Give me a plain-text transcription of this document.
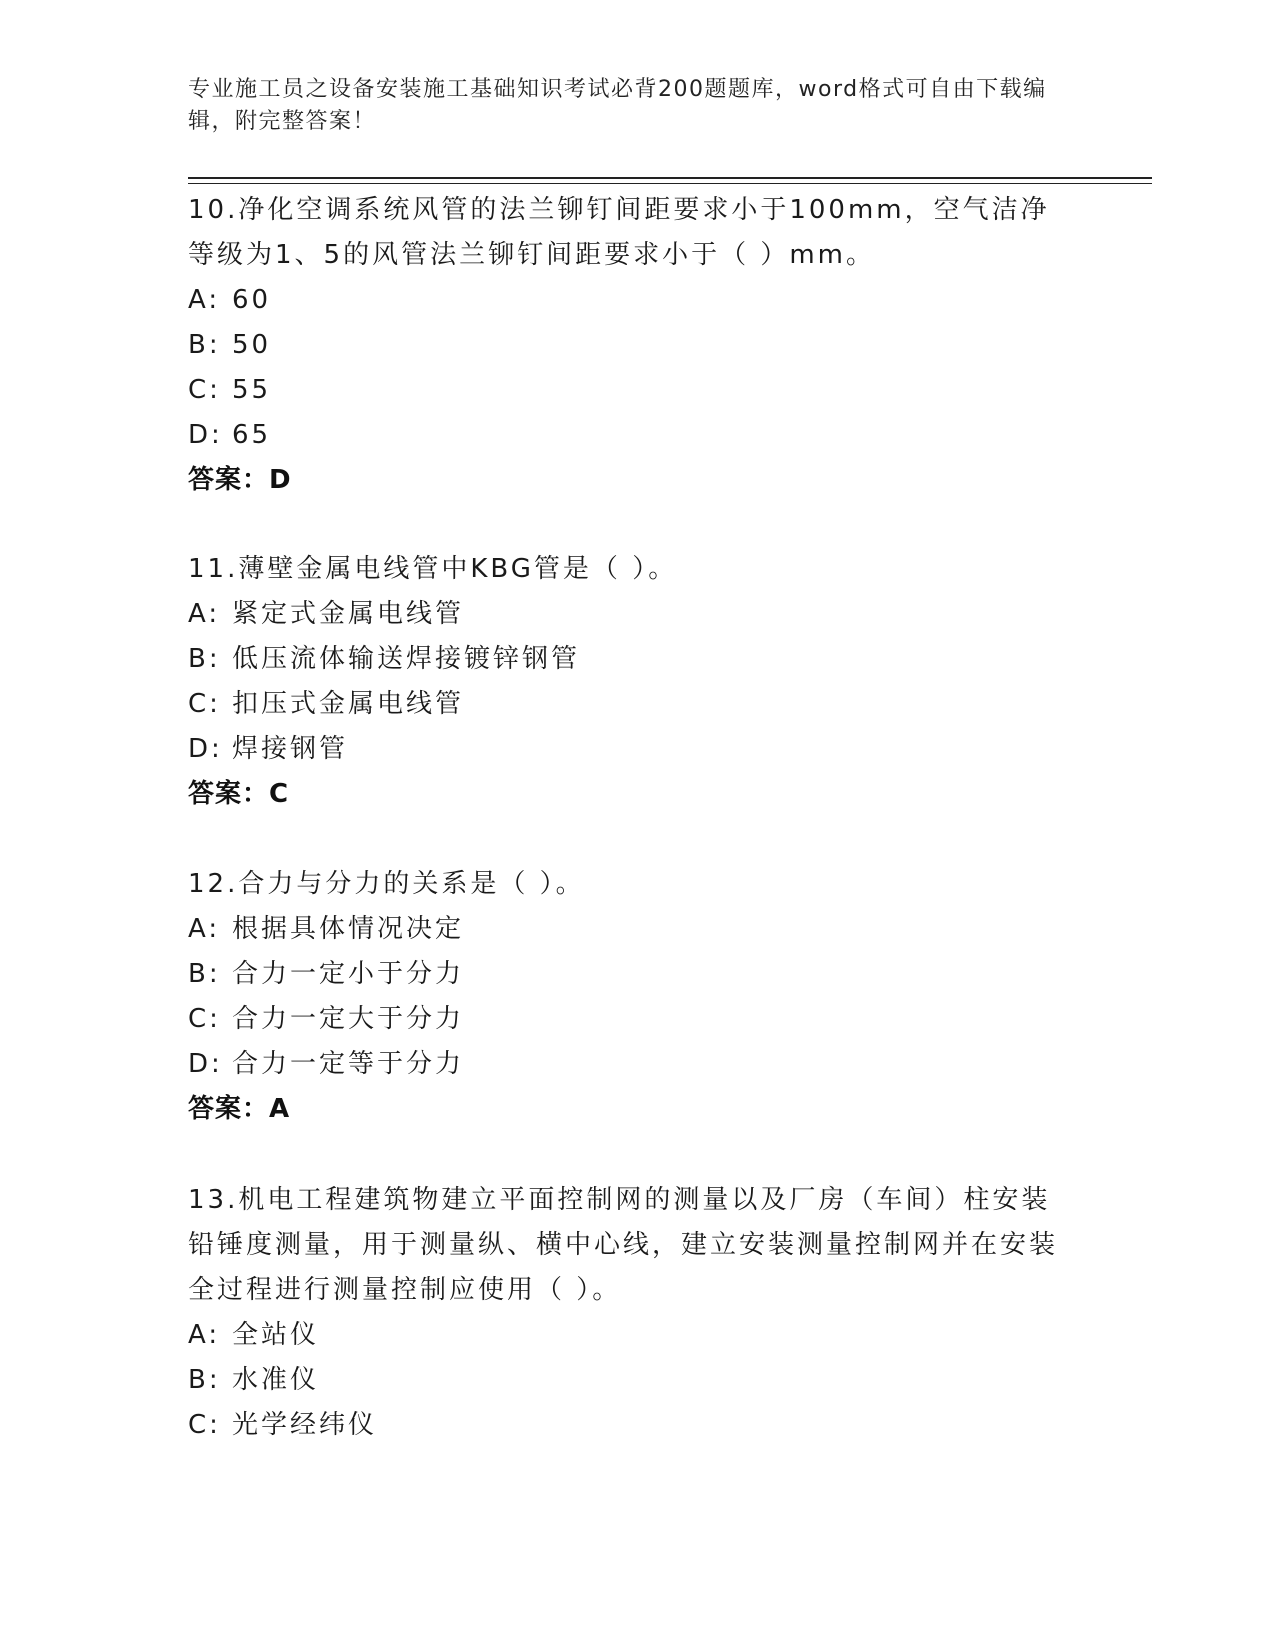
专业施工员之设备安装施工基础知识考试必背200题题库，word格式可自由下载编辑，附完整答案！

10.净化空调系统风管的法兰铆钉间距要求小于100mm，空气洁净等级为1、5的风管法兰铆钉间距要求小于（ ）mm。

A: 60

B: 50

C: 55

D: 65

答案：D

11.薄壁金属电线管中KBG管是（ ）。

A: 紧定式金属电线管

B: 低压流体输送焊接镀锌钢管

C: 扣压式金属电线管

D: 焊接钢管

答案：C

12.合力与分力的关系是（ ）。

A: 根据具体情况决定

B: 合力一定小于分力

C: 合力一定大于分力

D: 合力一定等于分力

答案：A

13.机电工程建筑物建立平面控制网的测量以及厂房（车间）柱安装铅锤度测量，用于测量纵、横中心线，建立安装测量控制网并在安装全过程进行测量控制应使用（ ）。

A: 全站仪

B: 水准仪

C: 光学经纬仪
